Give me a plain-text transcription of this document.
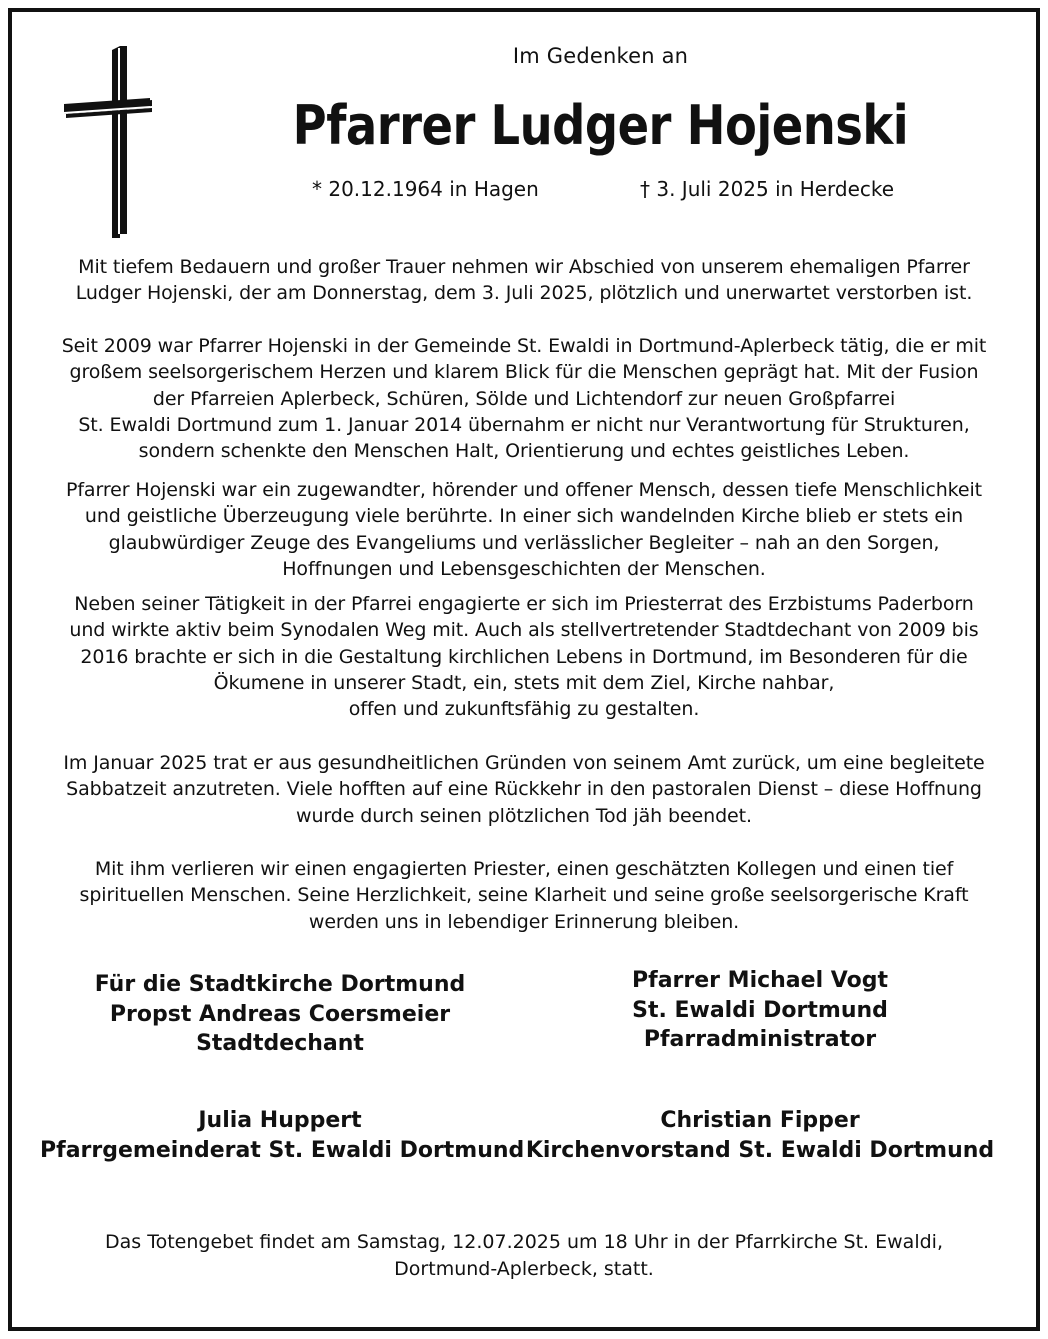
Im Gedenken an
Pfarrer Ludger Hojenski
* 20.12.1964 in Hagen	† 3. Juli 2025 in Herdecke

Mit tiefem Bedauern und großer Trauer nehmen wir Abschied von unserem ehemaligen Pfarrer
Ludger Hojenski, der am Donnerstag, dem 3. Juli 2025, plötzlich und unerwartet verstorben ist.

Seit 2009 war Pfarrer Hojenski in der Gemeinde St. Ewaldi in Dortmund-Aplerbeck tätig, die er mit
großem seelsorgerischem Herzen und klarem Blick für die Menschen geprägt hat. Mit der Fusion
der Pfarreien Aplerbeck, Schüren, Sölde und Lichtendorf zur neuen Großpfarrei
St. Ewaldi Dortmund zum 1. Januar 2014 übernahm er nicht nur Verantwortung für Strukturen,
sondern schenkte den Menschen Halt, Orientierung und echtes geistliches Leben.

Pfarrer Hojenski war ein zugewandter, hörender und offener Mensch, dessen tiefe Menschlichkeit
und geistliche Überzeugung viele berührte. In einer sich wandelnden Kirche blieb er stets ein
glaubwürdiger Zeuge des Evangeliums und verlässlicher Begleiter – nah an den Sorgen,
Hoffnungen und Lebensgeschichten der Menschen.

Neben seiner Tätigkeit in der Pfarrei engagierte er sich im Priesterrat des Erzbistums Paderborn
und wirkte aktiv beim Synodalen Weg mit. Auch als stellvertretender Stadtdechant von 2009 bis
2016 brachte er sich in die Gestaltung kirchlichen Lebens in Dortmund, im Besonderen für die
Ökumene in unserer Stadt, ein, stets mit dem Ziel, Kirche nahbar,
offen und zukunftsfähig zu gestalten.

Im Januar 2025 trat er aus gesundheitlichen Gründen von seinem Amt zurück, um eine begleitete
Sabbatzeit anzutreten. Viele hofften auf eine Rückkehr in den pastoralen Dienst – diese Hoffnung
wurde durch seinen plötzlichen Tod jäh beendet.

Mit ihm verlieren wir einen engagierten Priester, einen geschätzten Kollegen und einen tief
spirituellen Menschen. Seine Herzlichkeit, seine Klarheit und seine große seelsorgerische Kraft
werden uns in lebendiger Erinnerung bleiben.

Für die Stadtkirche Dortmund
Propst Andreas Coersmeier
Stadtdechant
Pfarrer Michael Vogt
St. Ewaldi Dortmund
Pfarradministrator
Julia Huppert
Pfarrgemeinderat St. Ewaldi Dortmund
Christian Fipper
Kirchenvorstand St. Ewaldi Dortmund
Das Totengebet findet am Samstag, 12.07.2025 um 18 Uhr in der Pfarrkirche St. Ewaldi,
Dortmund-Aplerbeck, statt.
